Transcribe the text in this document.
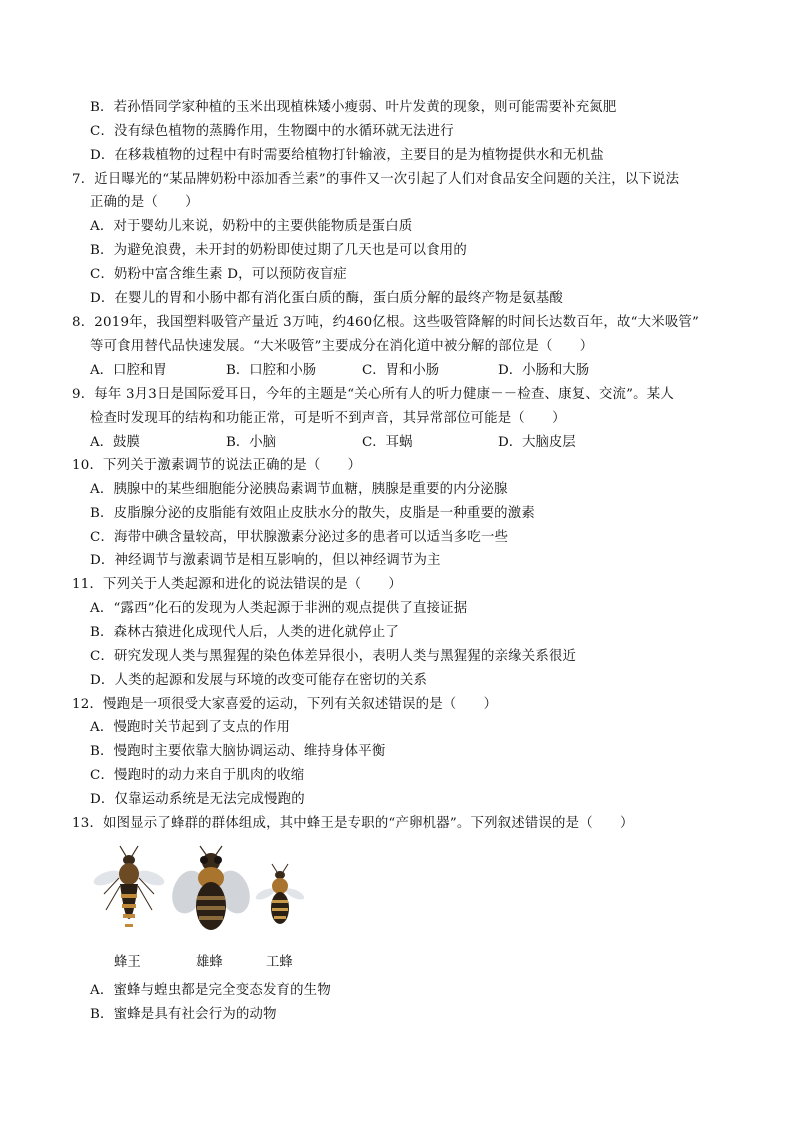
B．若孙悟同学家种植的玉米出现植株矮小瘦弱、叶片发黄的现象，则可能需要补充氮肥
C．没有绿色植物的蒸腾作用，生物圈中的水循环就无法进行
D．在移栽植物的过程中有时需要给植物打针输液，主要目的是为植物提供水和无机盐
7．近日曝光的“某品牌奶粉中添加香兰素”的事件又一次引起了人们对食品安全问题的关注，以下说法
正确的是（　　）
A．对于婴幼儿来说，奶粉中的主要供能物质是蛋白质
B．为避免浪费，未开封的奶粉即使过期了几天也是可以食用的
C．奶粉中富含维生素 D，可以预防夜盲症
D．在婴儿的胃和小肠中都有消化蛋白质的酶，蛋白质分解的最终产物是氨基酸
8．2019年，我国塑料吸管产量近 3万吨，约460亿根。这些吸管降解的时间长达数百年，故“大米吸管”
等可食用替代品快速发展。“大米吸管”主要成分在消化道中被分解的部位是（　　）
A．口腔和胃	B．口腔和小肠	C．胃和小肠	D．小肠和大肠
9．每年 3月3日是国际爱耳日，今年的主题是“关心所有人的听力健康－－检查、康复、交流”。某人
检查时发现耳的结构和功能正常，可是听不到声音，其异常部位可能是（　　）
A．鼓膜	B．小脑	C．耳蜗	D．大脑皮层
10．下列关于激素调节的说法正确的是（　　）
A．胰腺中的某些细胞能分泌胰岛素调节血糖，胰腺是重要的内分泌腺
B．皮脂腺分泌的皮脂能有效阻止皮肤水分的散失，皮脂是一种重要的激素
C．海带中碘含量较高，甲状腺激素分泌过多的患者可以适当多吃一些
D．神经调节与激素调节是相互影响的，但以神经调节为主
11．下列关于人类起源和进化的说法错误的是（　　）
A．“露西”化石的发现为人类起源于非洲的观点提供了直接证据
B．森林古猿进化成现代人后，人类的进化就停止了
C．研究发现人类与黑猩猩的染色体差异很小，表明人类与黑猩猩的亲缘关系很近
D．人类的起源和发展与环境的改变可能存在密切的关系
12．慢跑是一项很受大家喜爱的运动，下列有关叙述错误的是（　　）
A．慢跑时关节起到了支点的作用
B．慢跑时主要依靠大脑协调运动、维持身体平衡
C．慢跑时的动力来自于肌肉的收缩
D．仅靠运动系统是无法完成慢跑的
13．如图显示了蜂群的群体组成，其中蜂王是专职的“产卵机器”。下列叙述错误的是（　　）
蜂王	雄蜂	工蜂
A．蜜蜂与蝗虫都是完全变态发育的生物
B．蜜蜂是具有社会行为的动物
